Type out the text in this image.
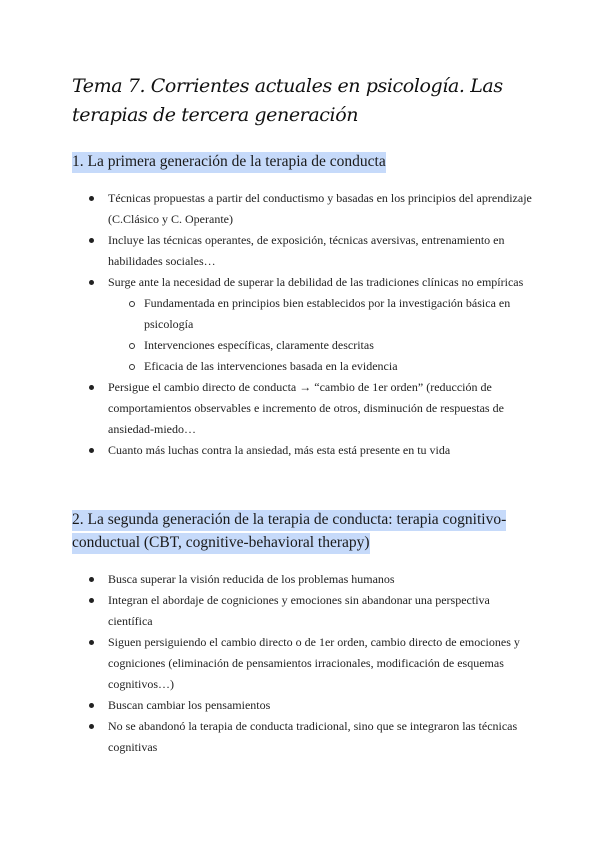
Tema 7. Corrientes actuales en psicología. Las terapias de tercera generación
1. La primera generación de la terapia de conducta
Técnicas propuestas a partir del conductismo y basadas en los principios del aprendizaje (C.Clásico y C. Operante)
Incluye las técnicas operantes, de exposición, técnicas aversivas, entrenamiento en habilidades sociales…
Surge ante la necesidad de superar la debilidad de las tradiciones clínicas no empíricas
Fundamentada en principios bien establecidos por la investigación básica en psicología
Intervenciones específicas, claramente descritas
Eficacia de las intervenciones basada en la evidencia
Persigue el cambio directo de conducta → “cambio de 1er orden” (reducción de comportamientos observables e incremento de otros, disminución de respuestas de ansiedad-miedo…
Cuanto más luchas contra la ansiedad, más esta está presente en tu vida
2. La segunda generación de la terapia de conducta: terapia cognitivo-conductual (CBT, cognitive-behavioral therapy)
Busca superar la visión reducida de los problemas humanos
Integran el abordaje de cogniciones y emociones sin abandonar una perspectiva científica
Siguen persiguiendo el cambio directo o de 1er orden, cambio directo de emociones y cogniciones (eliminación de pensamientos irracionales, modificación de esquemas cognitivos…)
Buscan cambiar los pensamientos
No se abandonó la terapia de conducta tradicional, sino que se integraron las técnicas cognitivas
